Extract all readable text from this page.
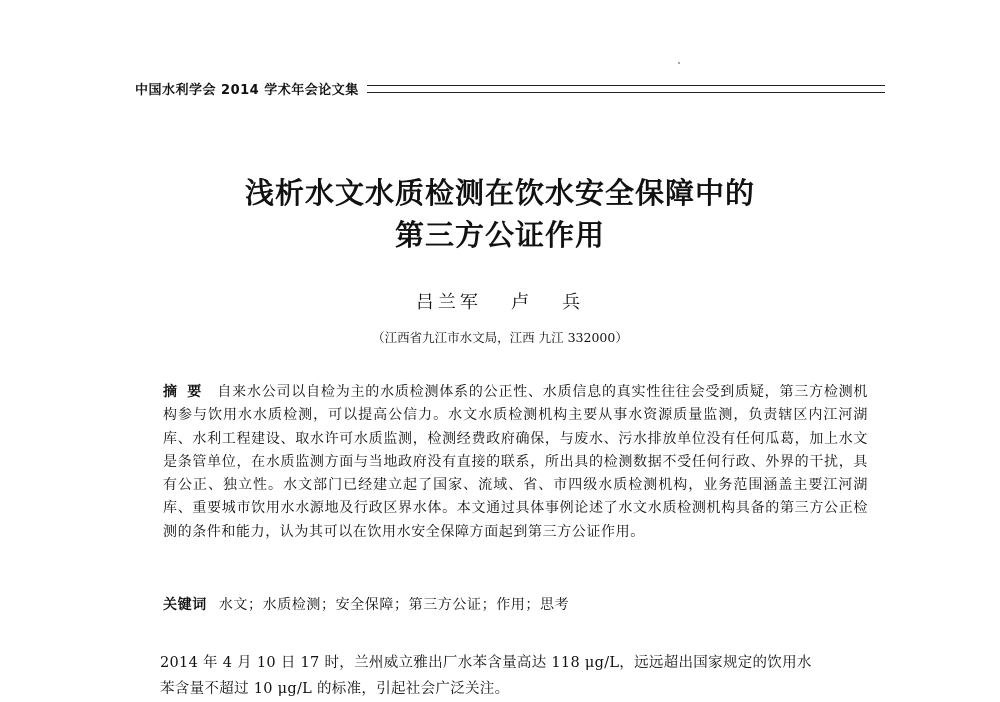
中国水利学会 2014 学术年会论文集
浅析水文水质检测在饮水安全保障中的
第三方公证作用
吕兰军   卢   兵
（江西省九江市水文局，江西 九江 332000）
摘要 自来水公司以自检为主的水质检测体系的公正性、水质信息的真实性往往会受到质疑，第三方检测机构参与饮用水水质检测，可以提高公信力。水文水质检测机构主要从事水资源质量监测，负责辖区内江河湖库、水利工程建设、取水许可水质监测，检测经费政府确保，与废水、污水排放单位没有任何瓜葛，加上水文是条管单位，在水质监测方面与当地政府没有直接的联系，所出具的检测数据不受任何行政、外界的干扰，具有公正、独立性。水文部门已经建立起了国家、流域、省、市四级水质检测机构，业务范围涵盖主要江河湖库、重要城市饮用水水源地及行政区界水体。本文通过具体事例论述了水文水质检测机构具备的第三方公正检测的条件和能力，认为其可以在饮用水安全保障方面起到第三方公证作用。
关键词 水文；水质检测；安全保障；第三方公证；作用；思考
2014 年 4 月 10 日 17 时，兰州威立雅出厂水苯含量高达 118 μg/L，远远超出国家规定的饮用水
苯含量不超过 10 μg/L 的标准，引起社会广泛关注。
